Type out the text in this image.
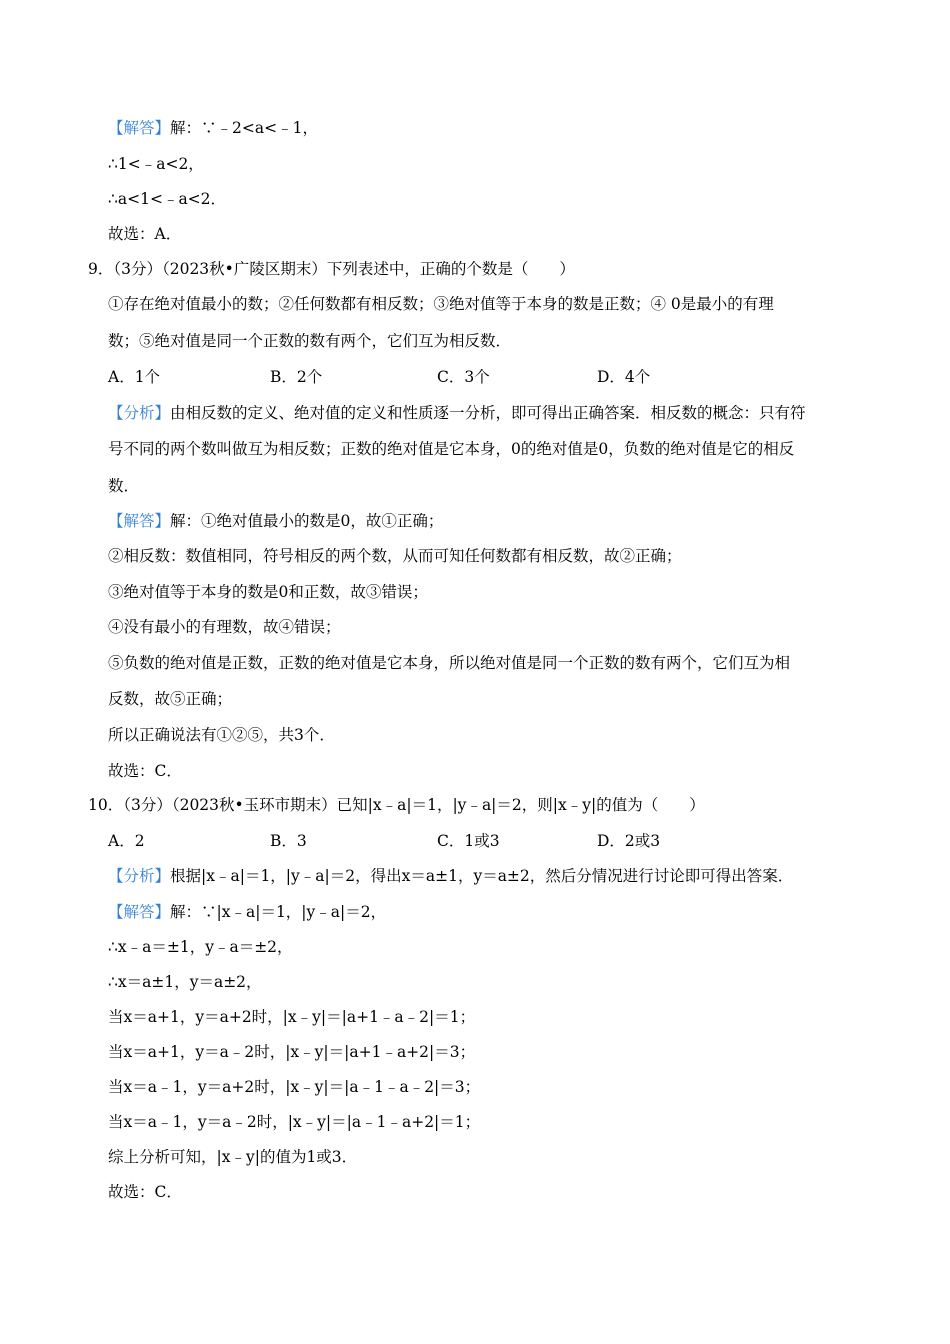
【解答】解：∵﹣2<a<﹣1，
∴1<﹣a<2，
∴a<1<﹣a<2．
故选：A．
9．（3分）（2023秋•广陵区期末）下列表述中，正确的个数是（　　）
①存在绝对值最小的数；②任何数都有相反数；③绝对值等于本身的数是正数；④ 0是最小的有理
数；⑤绝对值是同一个正数的数有两个，它们互为相反数．
A．1个	B．2个	C．3个	D．4个
【分析】由相反数的定义、绝对值的定义和性质逐一分析，即可得出正确答案．相反数的概念：只有符
号不同的两个数叫做互为相反数；正数的绝对值是它本身，0的绝对值是0，负数的绝对值是它的相反
数．
【解答】解：①绝对值最小的数是0，故①正确；
②相反数：数值相同，符号相反的两个数，从而可知任何数都有相反数，故②正确；
③绝对值等于本身的数是0和正数，故③错误；
④没有最小的有理数，故④错误；
⑤负数的绝对值是正数，正数的绝对值是它本身，所以绝对值是同一个正数的数有两个，它们互为相
反数，故⑤正确；
所以正确说法有①②⑤，共3个．
故选：C．
10．（3分）（2023秋•玉环市期末）已知|x﹣a|＝1，|y﹣a|＝2，则|x﹣y|的值为（　　）
A．2	B．3	C．1或3	D．2或3
【分析】根据|x﹣a|＝1，|y﹣a|＝2，得出x＝a±1，y＝a±2，然后分情况进行讨论即可得出答案．
【解答】解：∵|x﹣a|＝1，|y﹣a|＝2，
∴x﹣a＝±1，y﹣a＝±2，
∴x＝a±1，y＝a±2，
当x＝a+1，y＝a+2时，|x﹣y|＝|a+1﹣a﹣2|＝1；
当x＝a+1，y＝a﹣2时，|x﹣y|＝|a+1﹣a+2|＝3；
当x＝a﹣1，y＝a+2时，|x﹣y|＝|a﹣1﹣a﹣2|＝3；
当x＝a﹣1，y＝a﹣2时，|x﹣y|＝|a﹣1﹣a+2|＝1；
综上分析可知，|x﹣y|的值为1或3．
故选：C．
